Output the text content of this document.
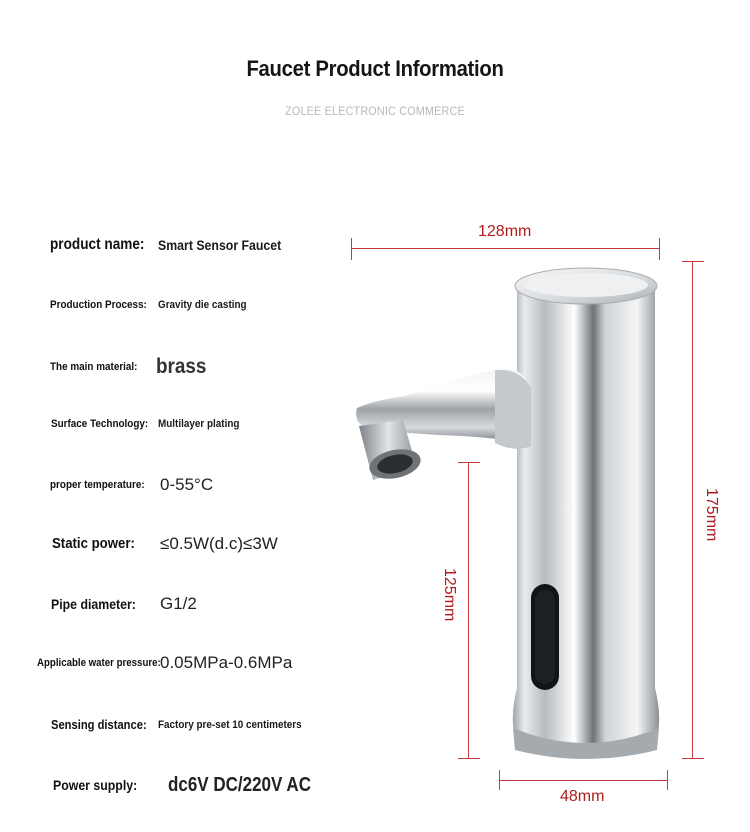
Faucet Product Information
ZOLEE ELECTRONIC COMMERCE

product name: Smart Sensor Faucet
Production Process: Gravity die casting
The main material: brass
Surface Technology: Multilayer plating
proper temperature: 0-55°C
Static power: ≤0.5W(d.c)≤3W
Pipe diameter: G1/2
Applicable water pressure: 0.05MPa-0.6MPa
Sensing distance: Factory pre-set 10 centimeters
Power supply: dc6V DC/220V AC
128mm
175mm
125mm
48mm
